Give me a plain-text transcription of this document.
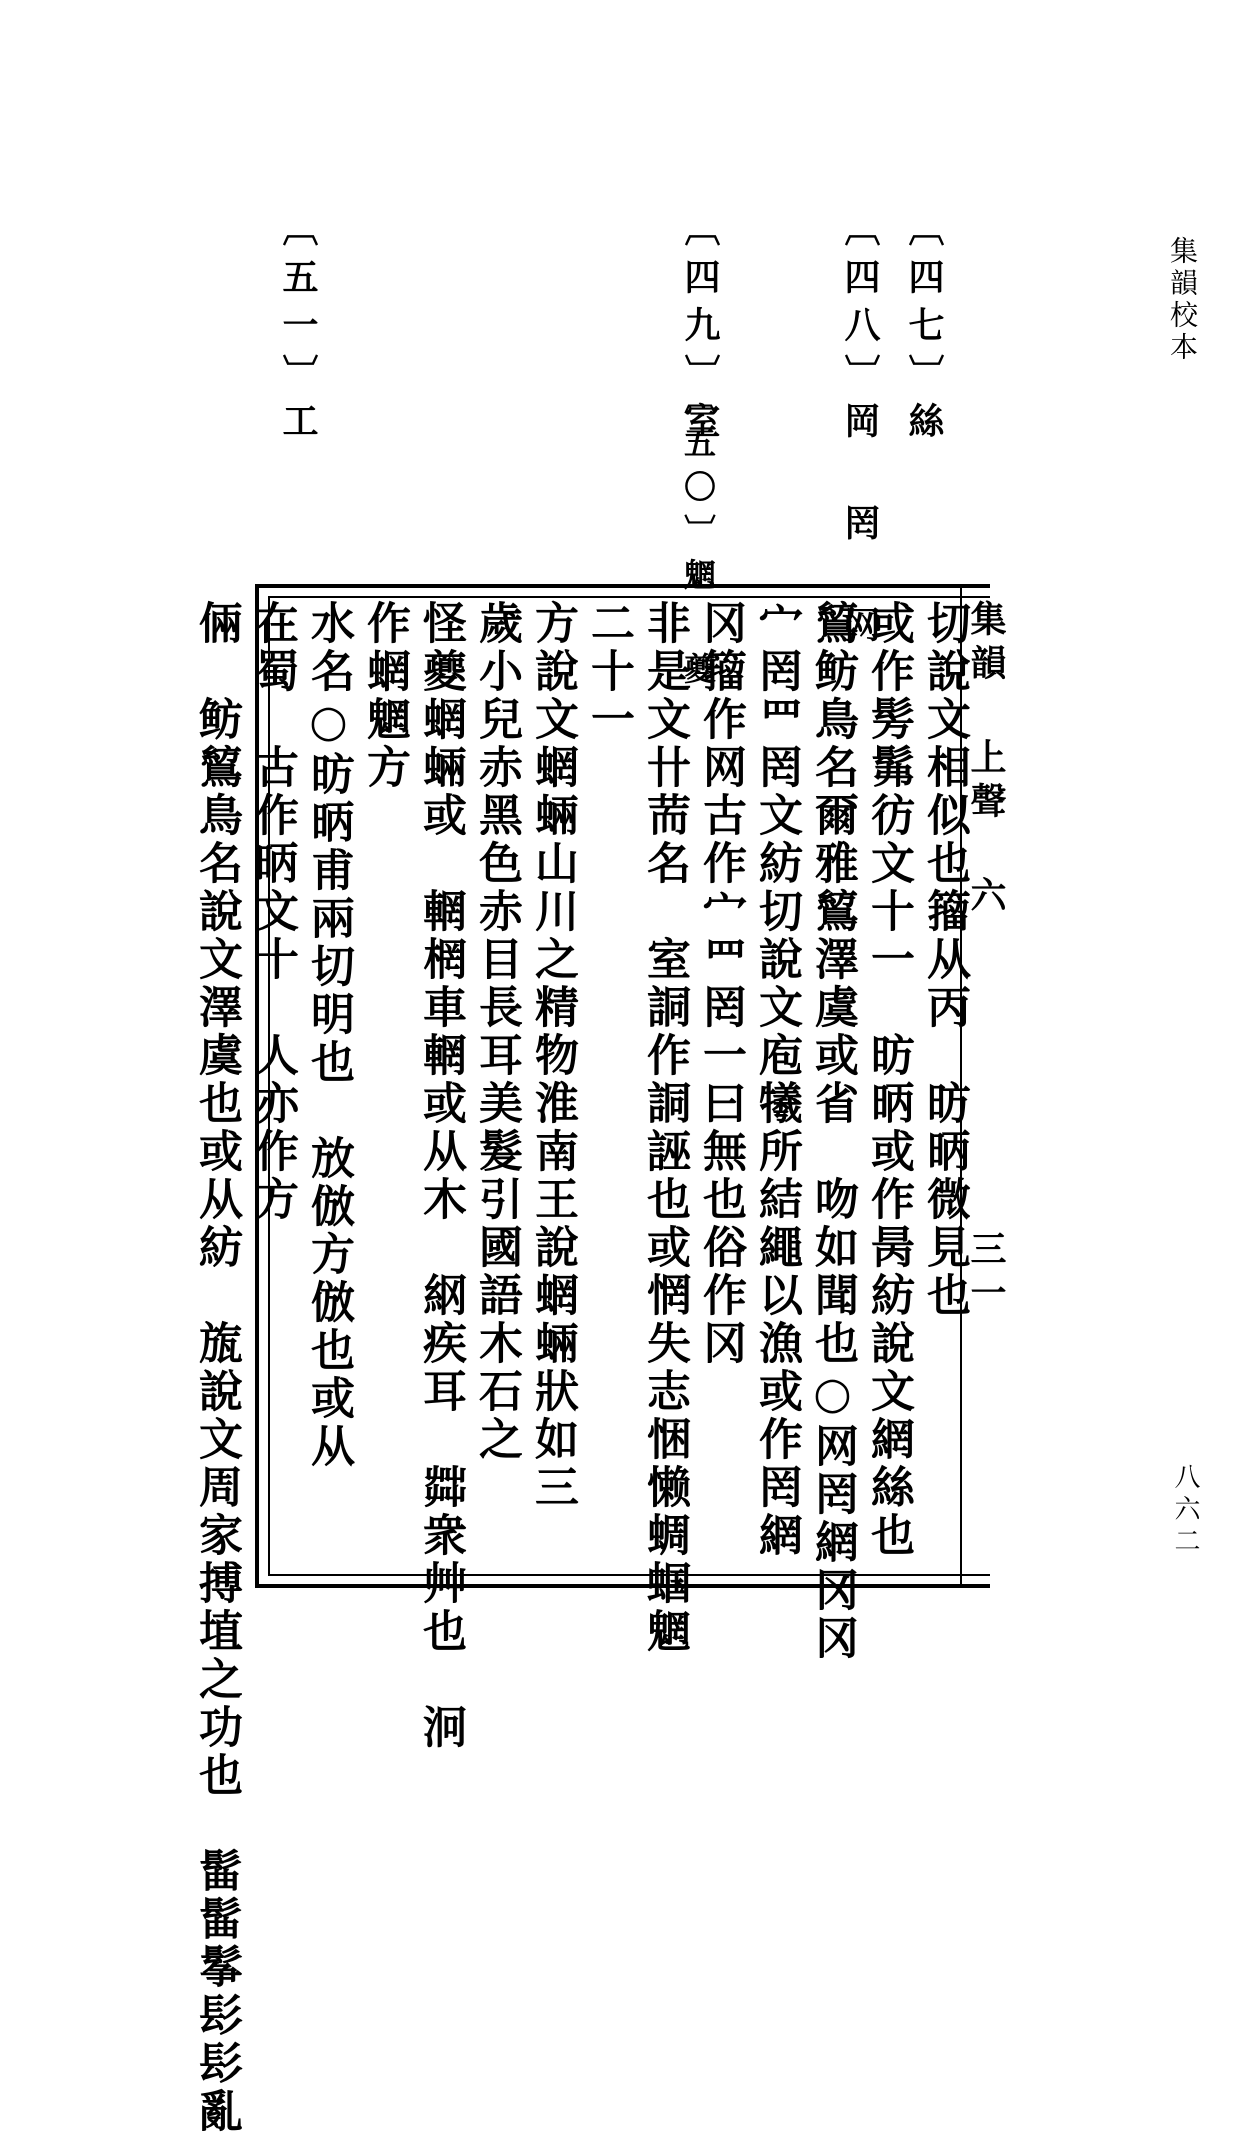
集韻校本
八六二
〔四七〕絲
〔四八〕岡 罔 网
〔四九〕室
〔五〇〕魍 夔
〔五一〕工
集韻 上聲 六 三一
切說文相似也籀从丙　昉昞微見也
或作髣髴彷文十一　昉昞或作昺紡說文網絲也
鶭鲂鳥名爾雅鶭澤虞或省　吻如聞也○网罔網冈冈
宀罔罒罔文紡切說文庖犧所結繩以漁或作罔網
冈籀作网古作宀罒罔一曰無也俗作冈
非是文卄荋名　室詷作詷誣也或惘失志悃懒蜩蝈魍
二十一
方說文蝄蜽山川之精物淮南王說蝄蜽狀如三
歲小兒赤黑色赤目長耳美髮引國語木石之
怪夔蝄蜽或　輞棢車輞或从木　䋄疾耳　茻衆艸也　泂
作蝄魍方
水名○昉昞甫兩切明也　放倣方倣也或从
在蜀　古作昞文十　人亦作方
倆　鲂鶭鳥名說文澤虞也或从紡　旊說文周家搏埴之功也　髷髷鬇髟髟亂
